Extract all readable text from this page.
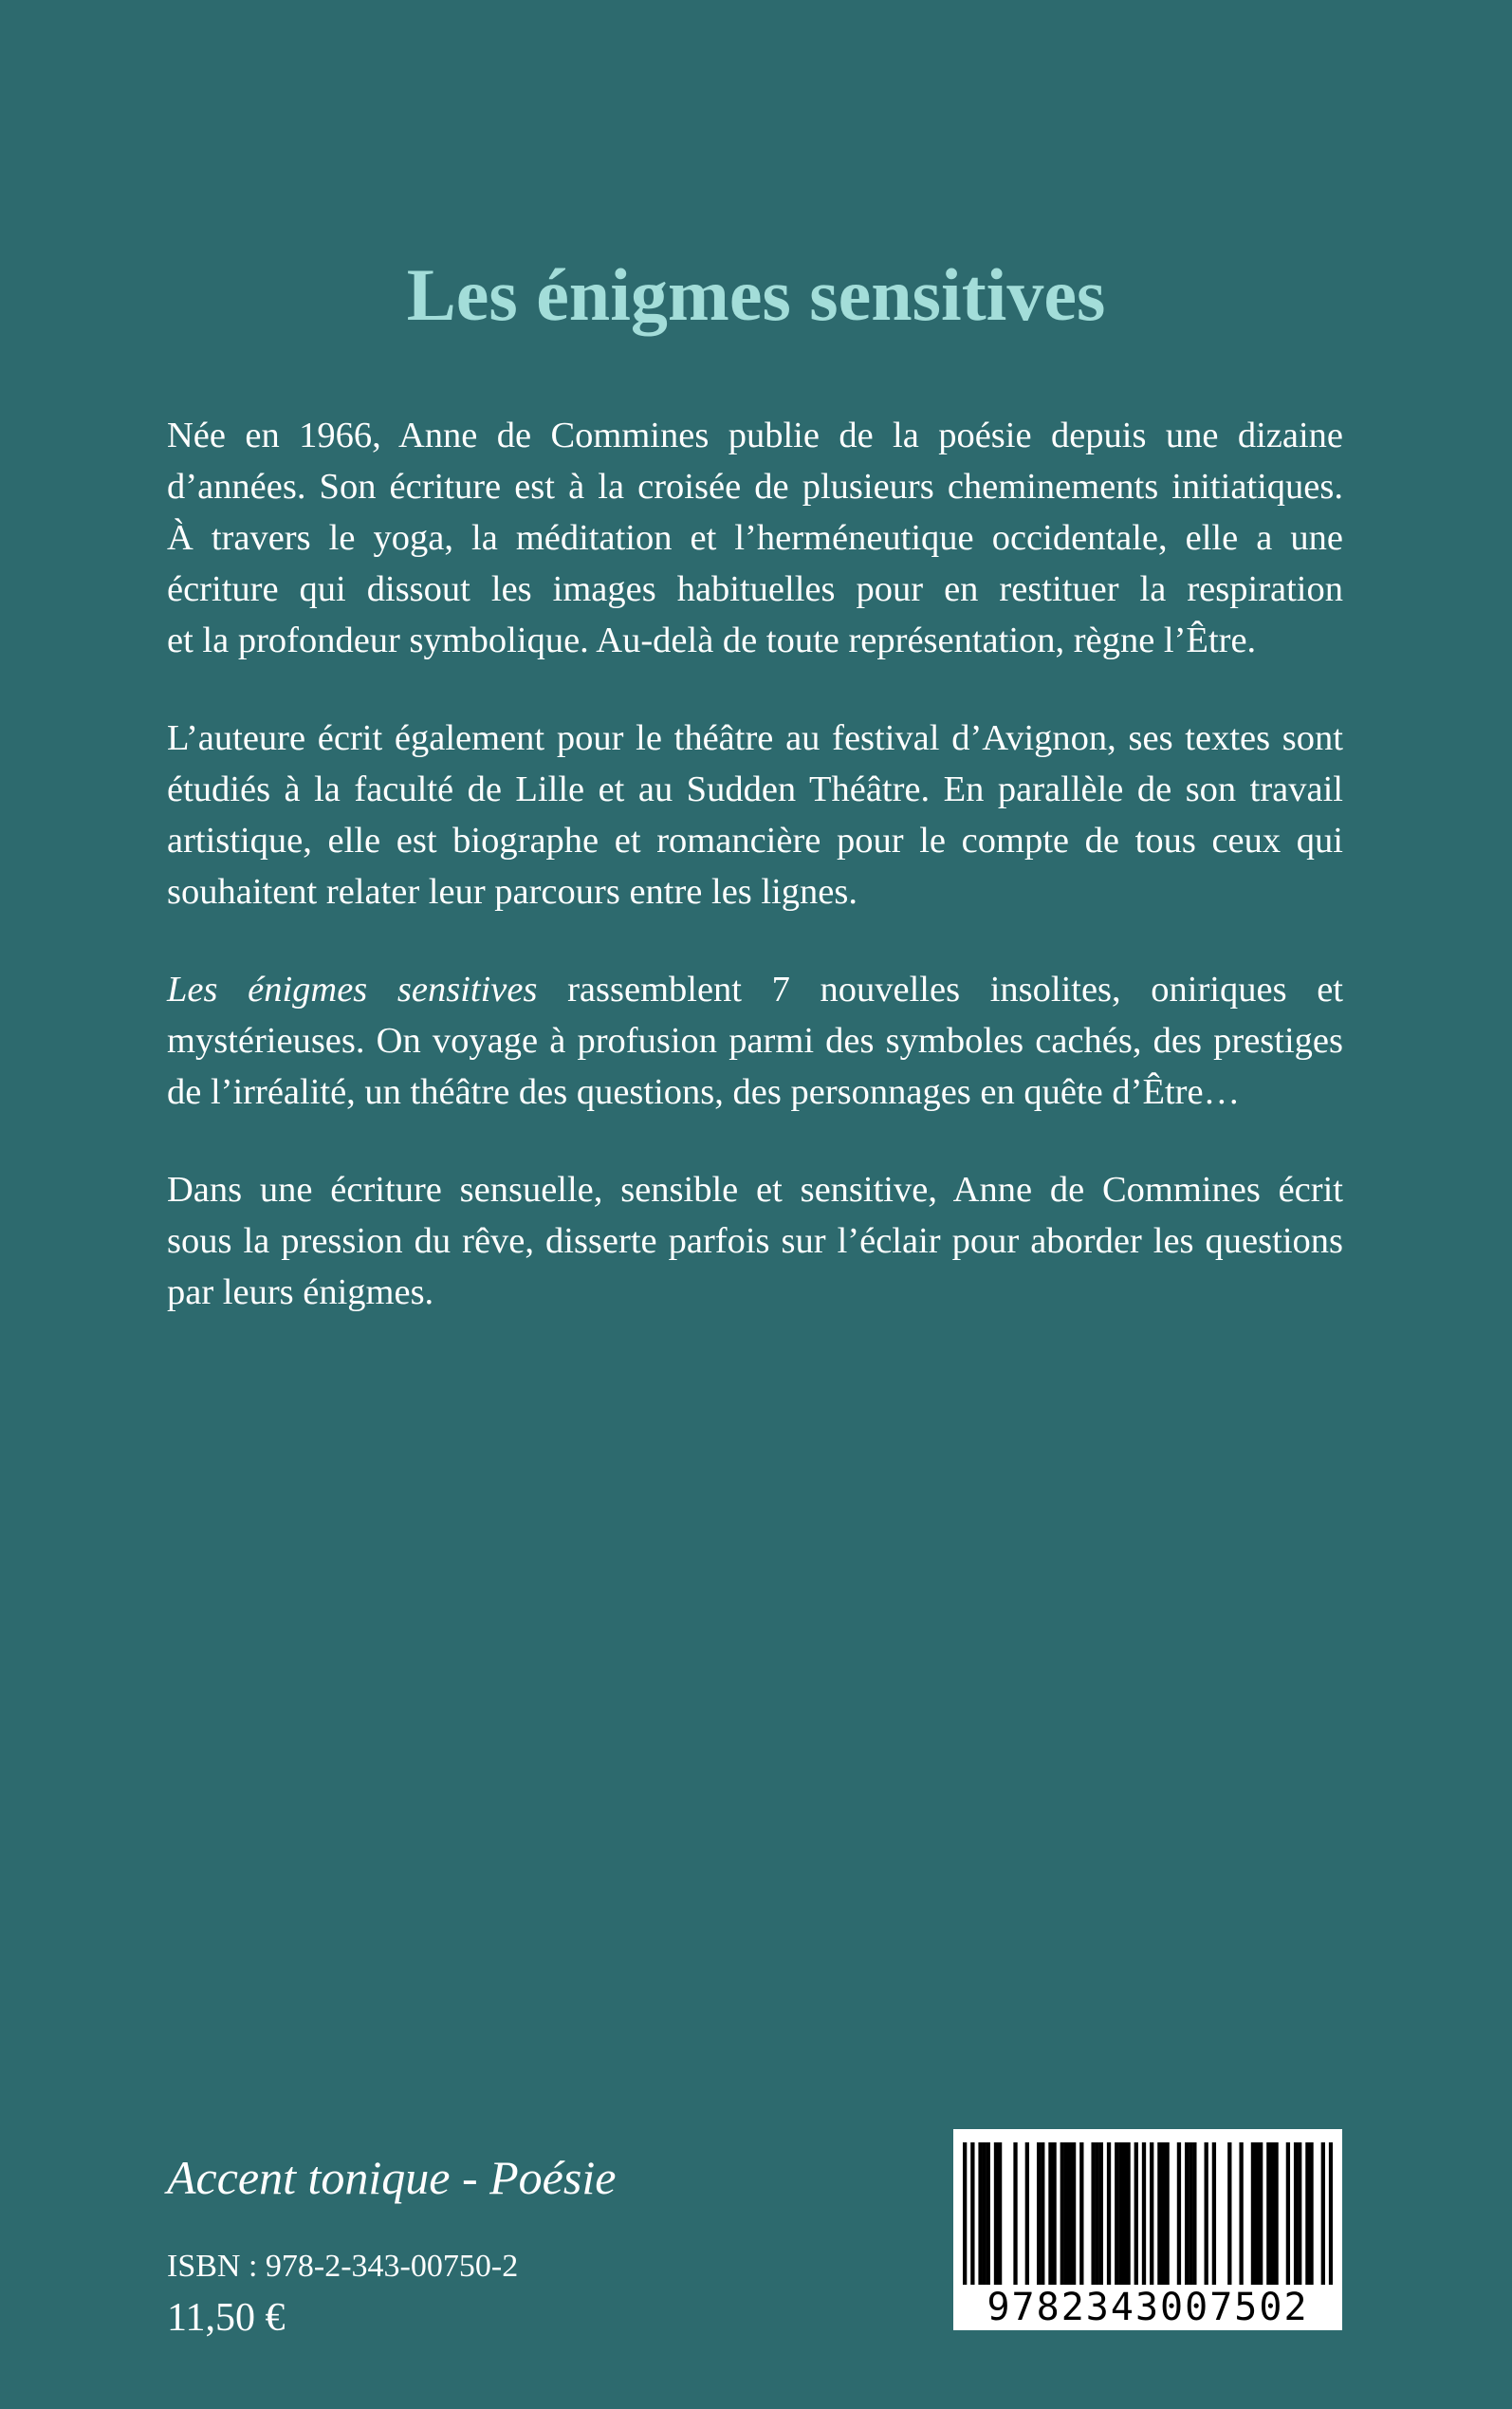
Les énigmes sensitives

Née en 1966, Anne de Commines publie de la poésie depuis une dizaine
d’années. Son écriture est à la croisée de plusieurs cheminements initiatiques.
À travers le yoga, la méditation et l’herméneutique occidentale, elle a une
écriture qui dissout les images habituelles pour en restituer la respiration
et la profondeur symbolique. Au-delà de toute représentation, règne l’Être.

L’auteure écrit également pour le théâtre au festival d’Avignon, ses textes sont
étudiés à la faculté de Lille et au Sudden Théâtre. En parallèle de son travail
artistique, elle est biographe et romancière pour le compte de tous ceux qui
souhaitent relater leur parcours entre les lignes.

Les énigmes sensitives rassemblent 7 nouvelles insolites, oniriques et
mystérieuses. On voyage à profusion parmi des symboles cachés, des prestiges
de l’irréalité, un théâtre des questions, des personnages en quête d’Être…

Dans une écriture sensuelle, sensible et sensitive, Anne de Commines écrit
sous la pression du rêve, disserte parfois sur l’éclair pour aborder les questions
par leurs énigmes.

Accent tonique - Poésie
ISBN : 978-2-343-00750-2
11,50 €	9782343007502
